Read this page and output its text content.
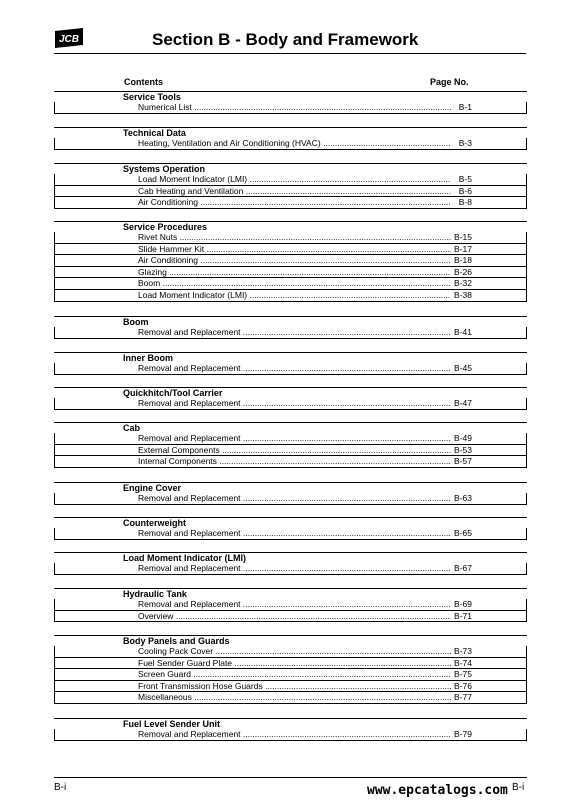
JCB	Section B - Body and Framework
Contents	Page No.
Service Tools
Numerical List .....	B-1
Technical Data
Heating, Ventilation and Air Conditioning (HVAC) .....	B-3
Systems Operation
Load Moment Indicator (LMI) .....	B-5
Cab Heating and Ventilation .....	B-6
Air Conditioning .....	B-8
Service Procedures
Rivet Nuts .....	B-15
Slide Hammer Kit .....	B-17
Air Conditioning .....	B-18
Glazing .....	B-26
Boom .....	B-32
Load Moment Indicator (LMI) .....	B-38
Boom
Removal and Replacement .....	B-41
Inner Boom
Removal and Replacement .....	B-45
Quickhitch/Tool Carrier
Removal and Replacement .....	B-47
Cab
Removal and Replacement .....	B-49
External Components .....	B-53
Internal Components .....	B-57
Engine Cover
Removal and Replacement .....	B-63
Counterweight
Removal and Replacement .....	B-65
Load Moment Indicator (LMI)
Removal and Replacement .....	B-67
Hydraulic Tank
Removal and Replacement .....	B-69
Overview .....	B-71
Body Panels and Guards
Cooling Pack Cover .....	B-73
Fuel Sender Guard Plate .....	B-74
Screen Guard .....	B-75
Front Transmission Hose Guards .....	B-76
Miscellaneous .....	B-77
Fuel Level Sender Unit
Removal and Replacement .....	B-79
B-i	www.epcatalogs.com B-i
